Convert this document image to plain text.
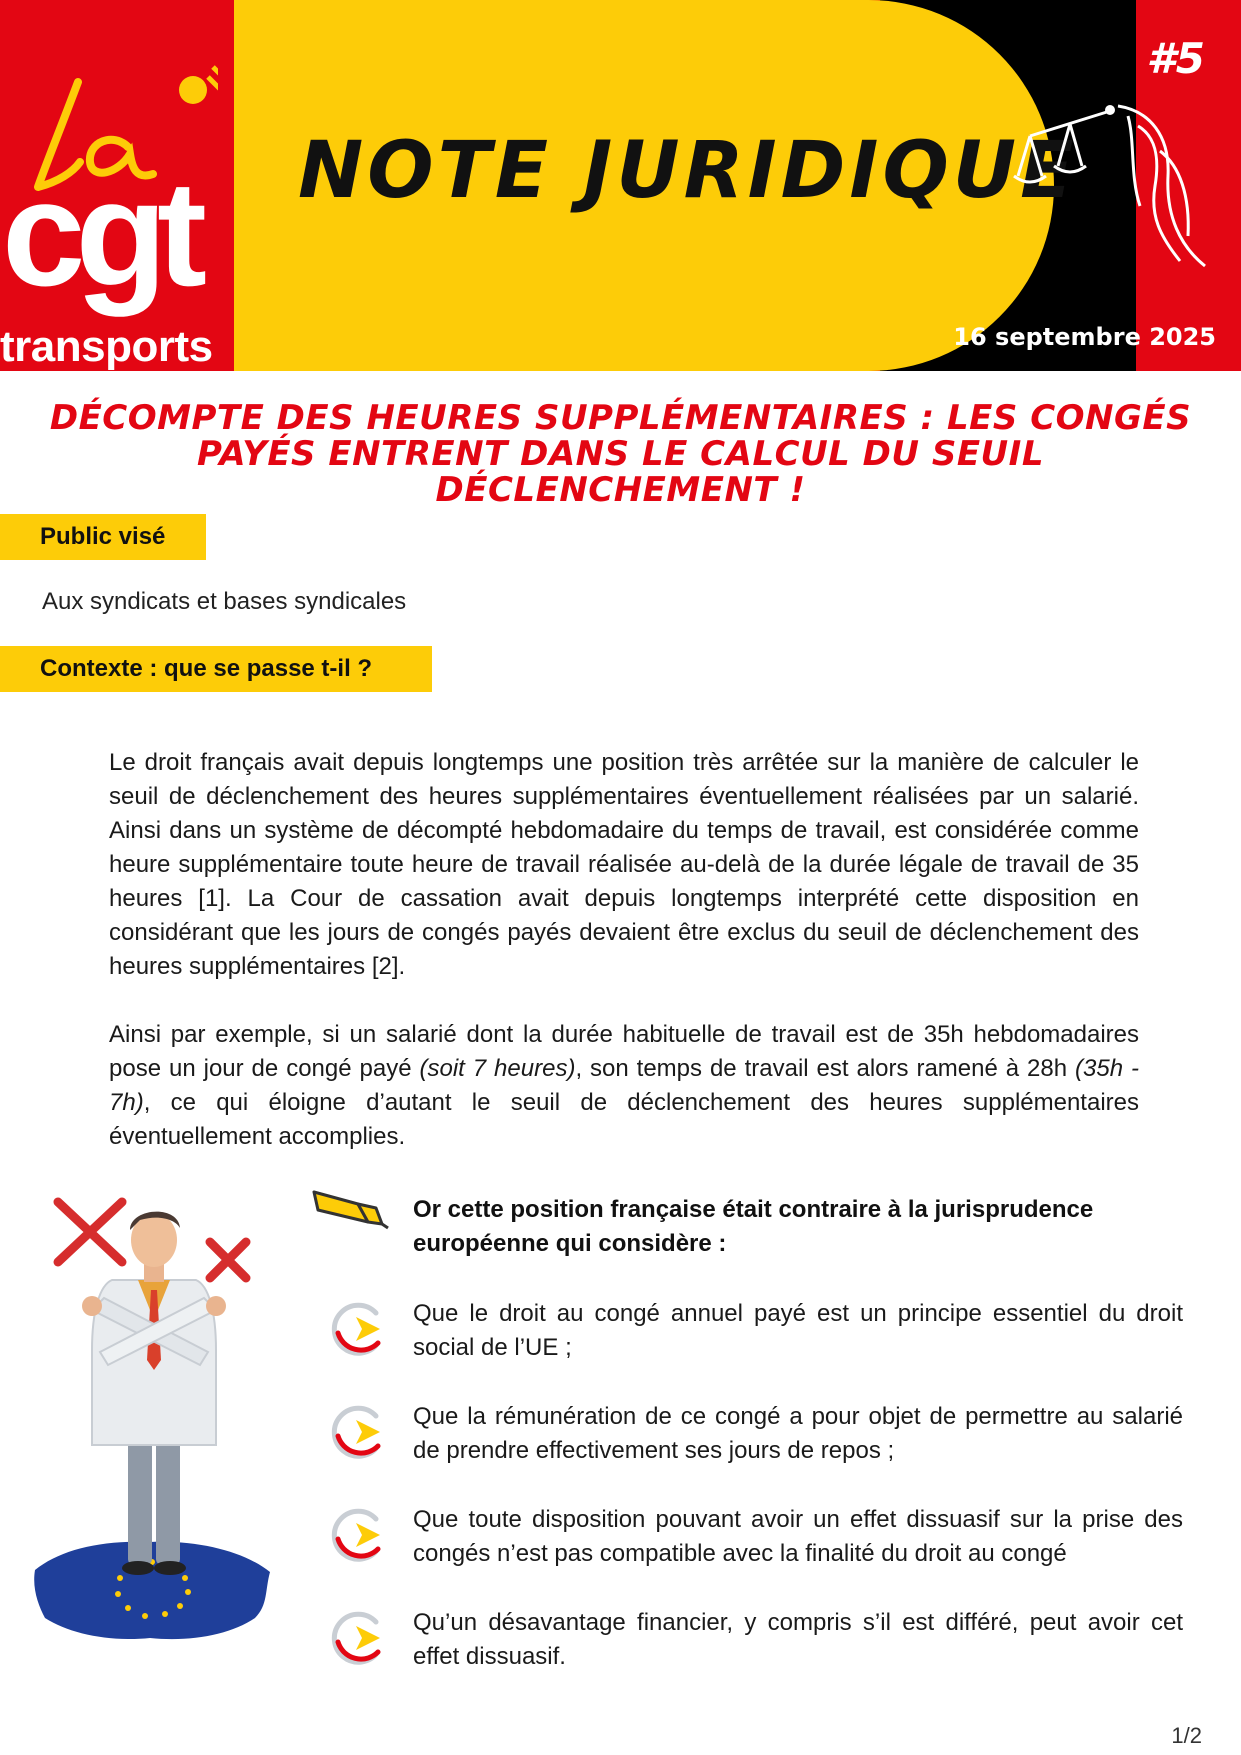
cgt
transports
NOTE JURIDIQUE
#5
16 septembre 2025
DÉCOMPTE DES HEURES SUPPLÉMENTAIRES : LES CONGÉS PAYÉS ENTRENT DANS LE CALCUL DU SEUIL DÉCLENCHEMENT !
Public visé
Aux syndicats et bases syndicales
Contexte : que se passe t-il ?

Le droit français avait depuis longtemps une position très arrêtée sur la manière de calculer le seuil de déclenchement des heures supplémentaires éventuellement réalisées par un salarié. Ainsi dans un système de décompté hebdomadaire du temps de travail, est considérée comme heure supplémentaire toute heure de travail réalisée au-delà de la durée légale de travail de 35 heures [1]. La Cour de cassation avait depuis longtemps interprété cette disposition en considérant que les jours de congés payés devaient être exclus du seuil de déclenchement des heures supplémentaires [2].

Ainsi par exemple, si un salarié dont la durée habituelle de travail est de 35h hebdomadaires pose un jour de congé payé (soit 7 heures), son temps de travail est alors ramené à 28h (35h - 7h), ce qui éloigne d’autant le seuil de déclenchement des heures supplémentaires éventuellement accomplies.

Or cette position française était contraire à la jurisprudence européenne qui considère :
Que le droit au congé annuel payé est un principe essentiel du droit social de l’UE ;
Que la rémunération de ce congé a pour objet de permettre au salarié de prendre effectivement ses jours de repos ;
Que toute disposition pouvant avoir un effet dissuasif sur la prise des congés n’est pas compatible avec la finalité du droit au congé
Qu’un désavantage financier, y compris s’il est différé, peut avoir cet effet dissuasif.
1/2
